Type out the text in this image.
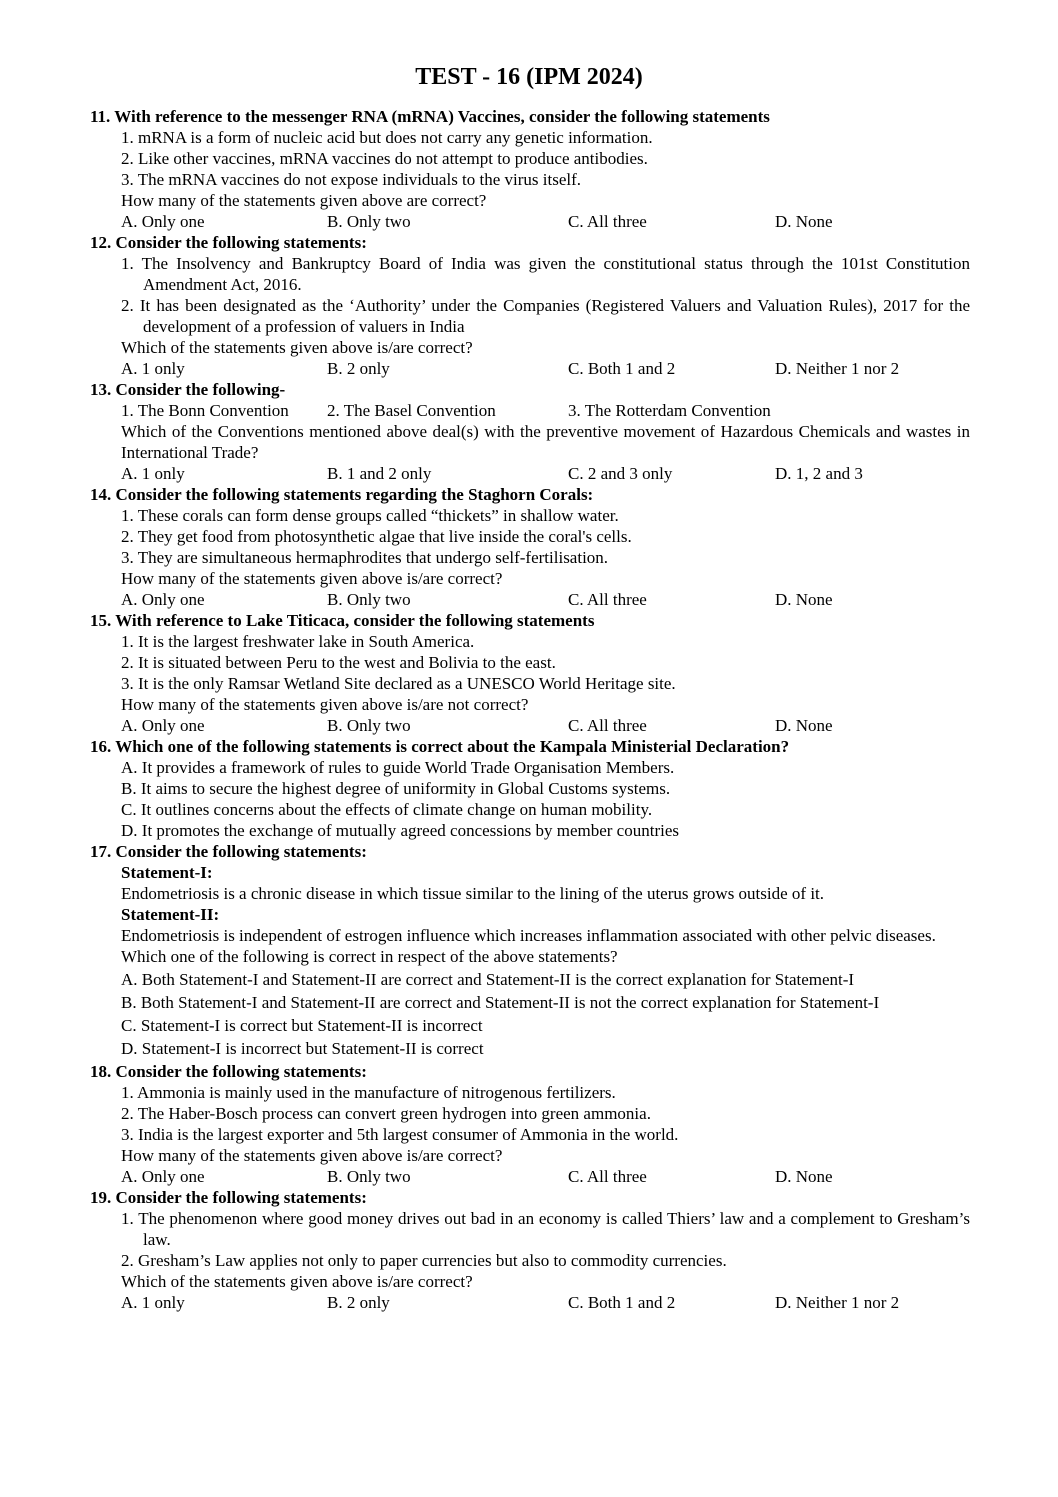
TEST - 16 (IPM 2024)
11. With reference to the messenger RNA (mRNA) Vaccines, consider the following statements
1. mRNA is a form of nucleic acid but does not carry any genetic information.
2. Like other vaccines, mRNA vaccines do not attempt to produce antibodies.
3. The mRNA vaccines do not expose individuals to the virus itself.
How many of the statements given above are correct?
A. Only one	B. Only two	C. All three	D. None
12. Consider the following statements:
1. The Insolvency and Bankruptcy Board of India was given the constitutional status through the 101st Constitution Amendment Act, 2016.
2. It has been designated as the ‘Authority’ under the Companies (Registered Valuers and Valuation Rules), 2017 for the development of a profession of valuers in India
Which of the statements given above is/are correct?
A. 1 only	B. 2 only	C. Both 1 and 2	D. Neither 1 nor 2
13. Consider the following-
1. The Bonn Convention	2. The Basel Convention	3. The Rotterdam Convention
Which of the Conventions mentioned above deal(s) with the preventive movement of Hazardous Chemicals and wastes in International Trade?
A. 1 only	B. 1 and 2 only	C. 2 and 3 only	D. 1, 2 and 3
14. Consider the following statements regarding the Staghorn Corals:
1. These corals can form dense groups called “thickets” in shallow water.
2. They get food from photosynthetic algae that live inside the coral's cells.
3. They are simultaneous hermaphrodites that undergo self-fertilisation.
How many of the statements given above is/are correct?
A. Only one	B. Only two	C. All three	D. None
15. With reference to Lake Titicaca, consider the following statements
1. It is the largest freshwater lake in South America.
2. It is situated between Peru to the west and Bolivia to the east.
3. It is the only Ramsar Wetland Site declared as a UNESCO World Heritage site.
How many of the statements given above is/are not correct?
A. Only one	B. Only two	C. All three	D. None
16. Which one of the following statements is correct about the Kampala Ministerial Declaration?
A. It provides a framework of rules to guide World Trade Organisation Members.
B. It aims to secure the highest degree of uniformity in Global Customs systems.
C. It outlines concerns about the effects of climate change on human mobility.
D. It promotes the exchange of mutually agreed concessions by member countries
17. Consider the following statements:
Statement-I:
Endometriosis is a chronic disease in which tissue similar to the lining of the uterus grows outside of it.
Statement-II:
Endometriosis is independent of estrogen influence which increases inflammation associated with other pelvic diseases.
Which one of the following is correct in respect of the above statements?
A. Both Statement-I and Statement-II are correct and Statement-II is the correct explanation for Statement-I
B. Both Statement-I and Statement-II are correct and Statement-II is not the correct explanation for Statement-I
C. Statement-I is correct but Statement-II is incorrect
D. Statement-I is incorrect but Statement-II is correct
18. Consider the following statements:
1. Ammonia is mainly used in the manufacture of nitrogenous fertilizers.
2. The Haber-Bosch process can convert green hydrogen into green ammonia.
3. India is the largest exporter and 5th largest consumer of Ammonia in the world.
How many of the statements given above is/are correct?
A. Only one	B. Only two	C. All three	D. None
19. Consider the following statements:
1. The phenomenon where good money drives out bad in an economy is called Thiers’ law and a complement to Gresham’s law.
2. Gresham’s Law applies not only to paper currencies but also to commodity currencies.
Which of the statements given above is/are correct?
A. 1 only	B. 2 only	C. Both 1 and 2	D. Neither 1 nor 2
